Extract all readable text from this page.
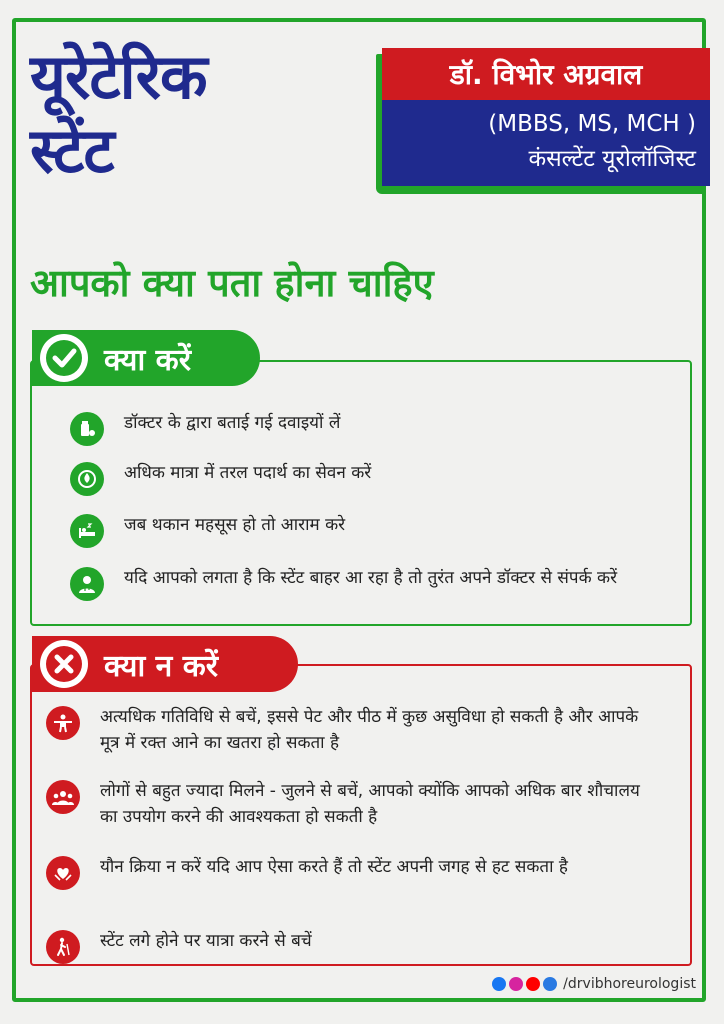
यूरेटेरिक
स्टेंट
डॉ. विभोर अग्रवाल
(MBBS, MS, MCH )
कंसल्टेंट यूरोलॉजिस्ट
आपको क्या पता होना चाहिए
क्या करें
डॉक्टर के द्वारा बताई गई दवाइयों लें
अधिक मात्रा में तरल पदार्थ का सेवन करें
जब थकान महसूस हो तो आराम करे
यदि आपको लगता है कि स्टेंट बाहर आ रहा है तो तुरंत अपने डॉक्टर से संपर्क करें
क्या न करें
अत्यधिक गतिविधि से बचें, इससे पेट और पीठ में कुछ असुविधा हो सकती है और आपके मूत्र में रक्त आने का खतरा हो सकता है
लोगों से बहुत ज्यादा मिलने - जुलने से बचें, आपको क्योंकि आपको अधिक बार शौचालय का उपयोग करने की आवश्यकता हो सकती है
यौन क्रिया न करें यदि आप ऐसा करते हैं तो स्टेंट अपनी जगह से हट सकता है
स्टेंट लगे होने पर यात्रा करने से बचें
/drvibhoreurologist
